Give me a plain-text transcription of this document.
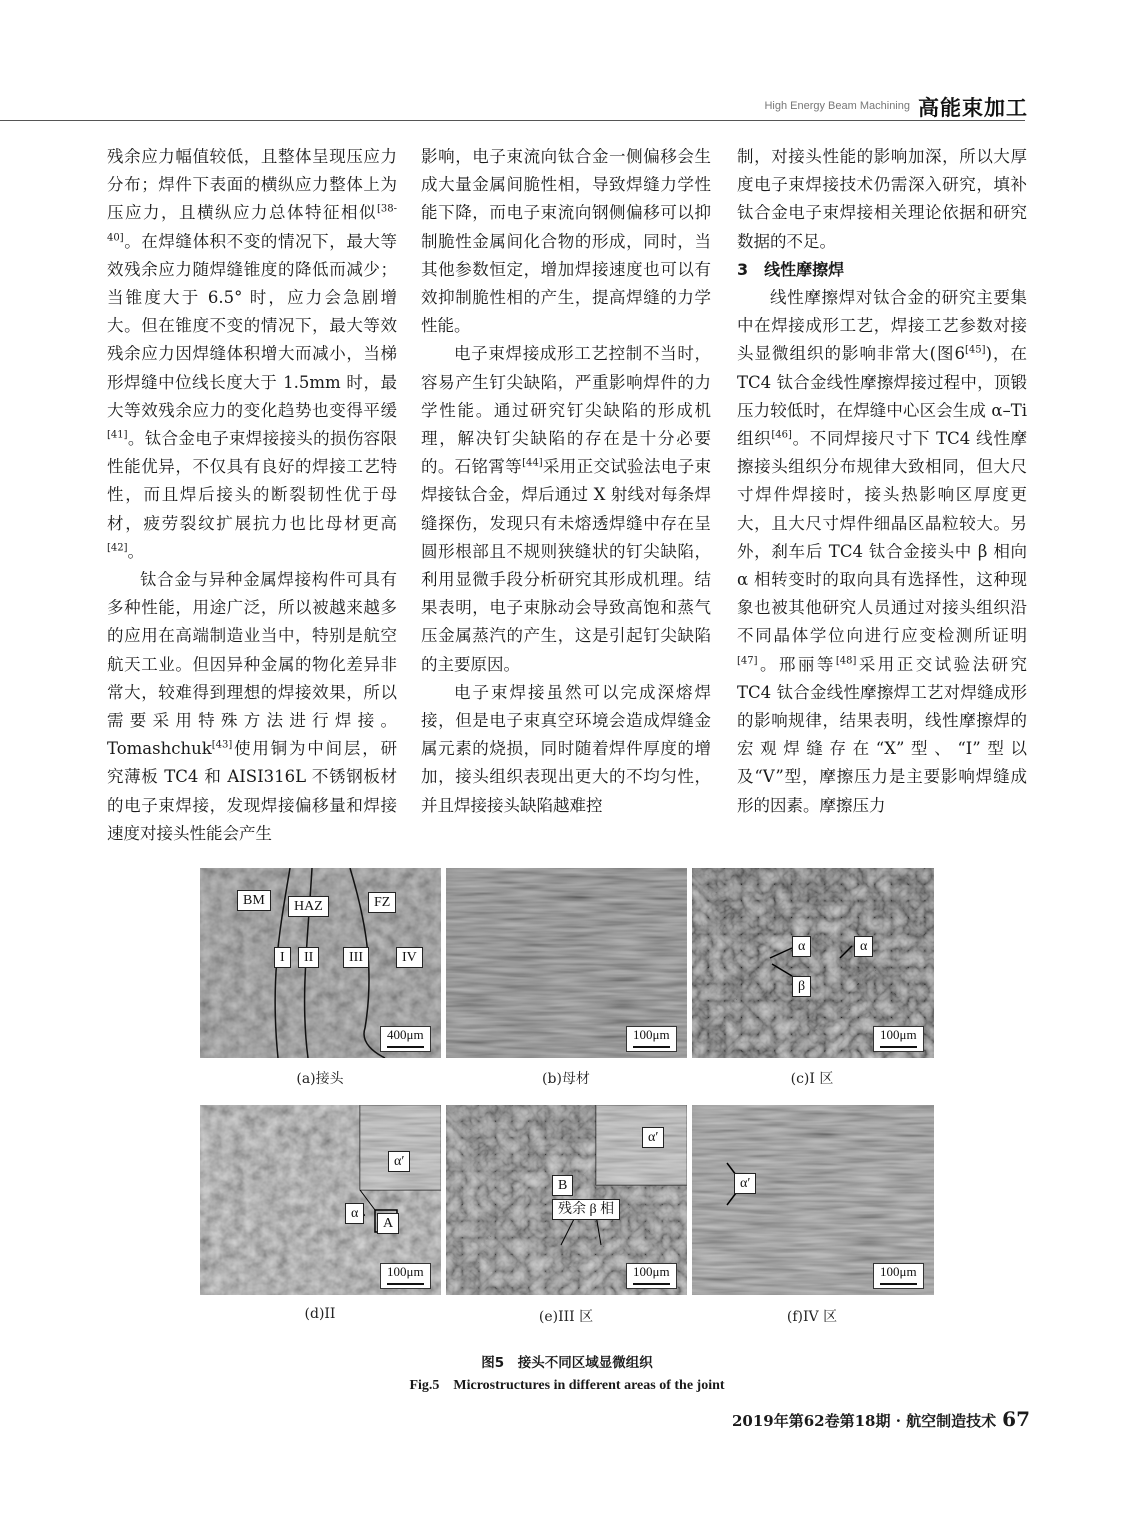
High Energy Beam Machining 高能束加工

残余应力幅值较低，且整体呈现压应力分布；焊件下表面的横纵应力整体上为压应力，且横纵应力总体特征相似[38-40]。在焊缝体积不变的情况下，最大等效残余应力随焊缝锥度的降低而减少；当锥度大于 6.5° 时，应力会急剧增大。但在锥度不变的情况下，最大等效残余应力因焊缝体积增大而减小，当梯形焊缝中位线长度大于 1.5mm 时，最大等效残余应力的变化趋势也变得平缓[41]。钛合金电子束焊接接头的损伤容限性能优异，不仅具有良好的焊接工艺特性，而且焊后接头的断裂韧性优于母材，疲劳裂纹扩展抗力也比母材更高[42]。

钛合金与异种金属焊接构件可具有多种性能，用途广泛，所以被越来越多的应用在高端制造业当中，特别是航空航天工业。但因异种金属的物化差异非常大，较难得到理想的焊接效果，所以需要采用特殊方法进行焊接。Tomashchuk[43]使用铜为中间层，研究薄板 TC4 和 AISI316L 不锈钢板材的电子束焊接，发现焊接偏移量和焊接速度对接头性能会产生

影响，电子束流向钛合金一侧偏移会生成大量金属间脆性相，导致焊缝力学性能下降，而电子束流向钢侧偏移可以抑制脆性金属间化合物的形成，同时，当其他参数恒定，增加焊接速度也可以有效抑制脆性相的产生，提高焊缝的力学性能。

电子束焊接成形工艺控制不当时，容易产生钉尖缺陷，严重影响焊件的力学性能。通过研究钉尖缺陷的形成机理，解决钉尖缺陷的存在是十分必要的。石铭霄等[44]采用正交试验法电子束焊接钛合金，焊后通过 X 射线对每条焊缝探伤，发现只有未熔透焊缝中存在呈圆形根部且不规则狭缝状的钉尖缺陷，利用显微手段分析研究其形成机理。结果表明，电子束脉动会导致高饱和蒸气压金属蒸汽的产生，这是引起钉尖缺陷的主要原因。

电子束焊接虽然可以完成深熔焊接，但是电子束真空环境会造成焊缝金属元素的烧损，同时随着焊件厚度的增加，接头组织表现出更大的不均匀性，并且焊接接头缺陷越难控

制，对接头性能的影响加深，所以大厚度电子束焊接技术仍需深入研究，填补钛合金电子束焊接相关理论依据和研究数据的不足。

3　线性摩擦焊

线性摩擦焊对钛合金的研究主要集中在焊接成形工艺，焊接工艺参数对接头显微组织的影响非常大(图6[45])，在 TC4 钛合金线性摩擦焊接过程中，顶锻压力较低时，在焊缝中心区会生成 α–Ti 组织[46]。不同焊接尺寸下 TC4 线性摩擦接头组织分布规律大致相同，但大尺寸焊件焊接时，接头热影响区厚度更大，且大尺寸焊件细晶区晶粒较大。另外，刹车后 TC4 钛合金接头中 β 相向 α 相转变时的取向具有选择性，这种现象也被其他研究人员通过对接头组织沿不同晶体学位向进行应变检测所证明[47]。邢丽等[48]采用正交试验法研究 TC4 钛合金线性摩擦焊工艺对焊缝成形的影响规律，结果表明，线性摩擦焊的宏观焊缝存在“X”型、“I”型以及“V”型，摩擦压力是主要影响焊缝成形的因素。摩擦压力

BM	HAZ	FZ
I	II	III	IV
400μm	100μm
α	α
β
100μm
(a)接头	(b)母材	(c)I 区
α′
α
A
100μm
α′
B
残余 β 相
100μm
α′
100μm
(d)II	(e)III 区	(f)IV 区
图5　接头不同区域显微组织
Fig.5　Microstructures in different areas of the joint
2019年第62卷第18期 · 航空制造技术 67
